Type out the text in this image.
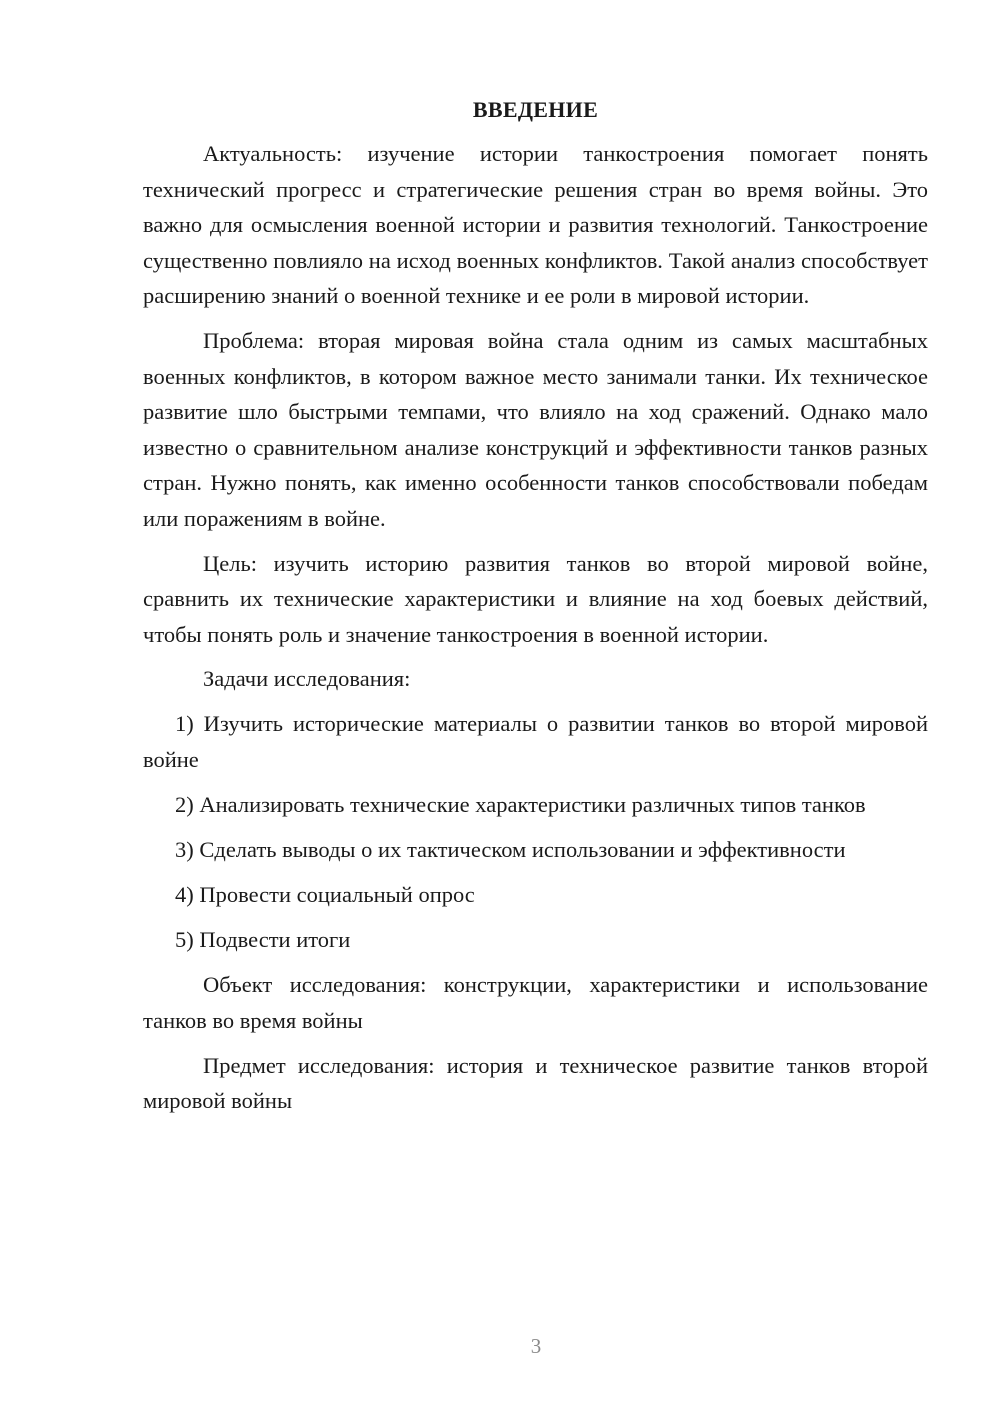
ВВЕДЕНИЕ

Актуальность: изучение истории танкостроения помогает понять технический прогресс и стратегические решения стран во время войны. Это важно для осмысления военной истории и развития технологий. Танкостроение существенно повлияло на исход военных конфликтов. Такой анализ способствует расширению знаний о военной технике и ее роли в мировой истории.

Проблема: вторая мировая война стала одним из самых масштабных военных конфликтов, в котором важное место занимали танки. Их техническое развитие шло быстрыми темпами, что влияло на ход сражений. Однако мало известно о сравнительном анализе конструкций и эффективности танков разных стран. Нужно понять, как именно особенности танков способствовали победам или поражениям в войне.

Цель: изучить историю развития танков во второй мировой войне, сравнить их технические характеристики и влияние на ход боевых действий, чтобы понять роль и значение танкостроения в военной истории.

Задачи исследования:

1) Изучить исторические материалы о развитии танков во второй мировой войне

2) Анализировать технические характеристики различных типов танков

3) Сделать выводы о их тактическом использовании и эффективности

4) Провести социальный опрос

5) Подвести итоги

Объект исследования: конструкции, характеристики и использование танков во время войны

Предмет исследования: история и техническое развитие танков второй мировой войны

3
